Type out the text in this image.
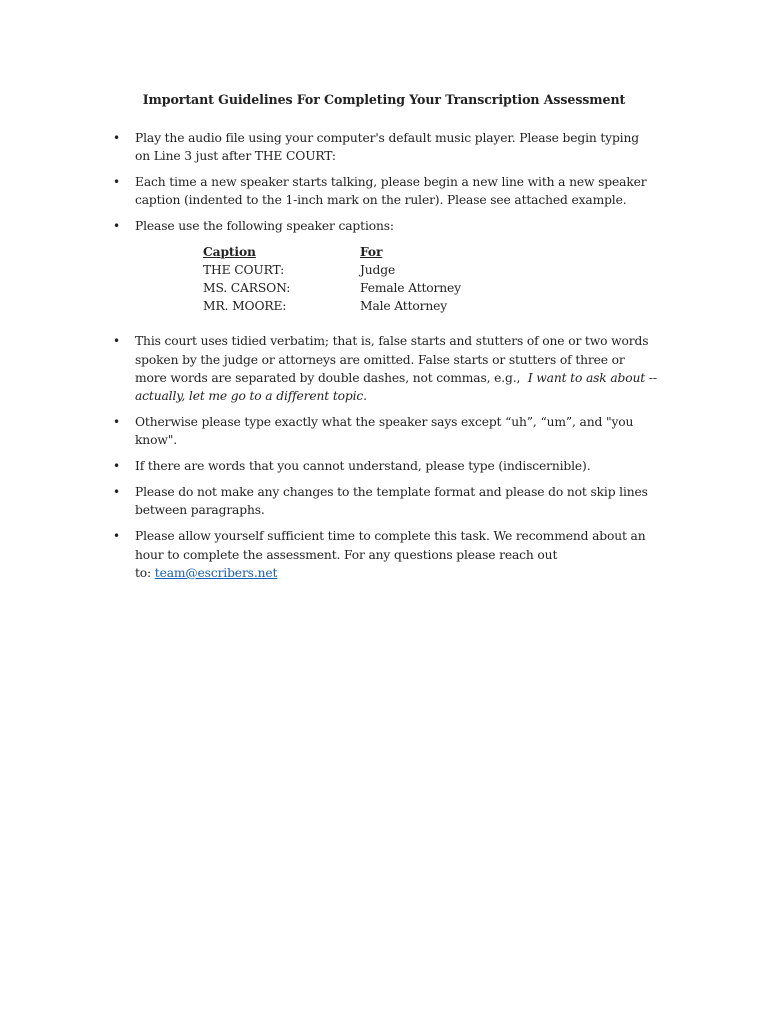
Important Guidelines For Completing Your Transcription Assessment
• Play the audio file using your computer's default music player. Please begin typing
on Line 3 just after THE COURT:
• Each time a new speaker starts talking, please begin a new line with a new speaker
caption (indented to the 1-inch mark on the ruler). Please see attached example.
• Please use the following speaker captions:
Caption	For
THE COURT:	Judge
MS. CARSON:	Female Attorney
MR. MOORE:	Male Attorney
• This court uses tidied verbatim; that is, false starts and stutters of one or two words
spoken by the judge or attorneys are omitted. False starts or stutters of three or
more words are separated by double dashes, not commas, e.g.,  I want to ask about --
actually, let me go to a different topic.
• Otherwise please type exactly what the speaker says except “uh”, “um”, and "you
know".
• If there are words that you cannot understand, please type (indiscernible).
• Please do not make any changes to the template format and please do not skip lines
between paragraphs.
• Please allow yourself sufficient time to complete this task. We recommend about an
hour to complete the assessment. For any questions please reach out
to: team@escribers.net
